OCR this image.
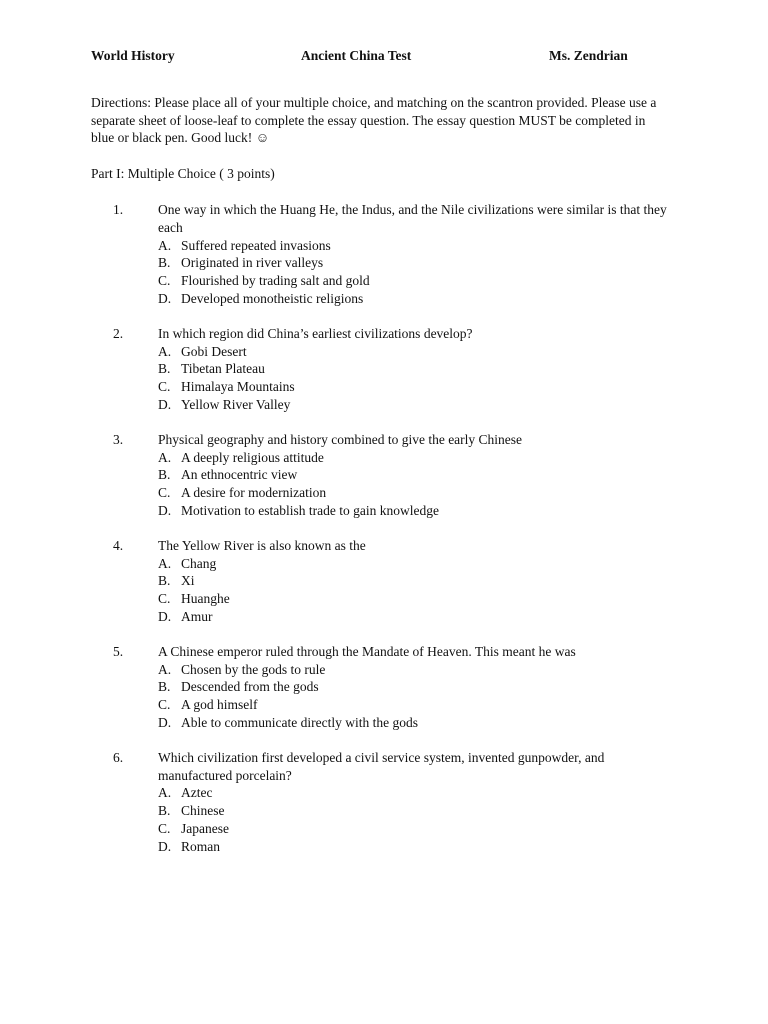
World History	Ancient China Test	Ms. Zendrian
Directions: Please place all of your multiple choice, and matching on the scantron provided. Please use a separate sheet of loose-leaf to complete the essay question. The essay question MUST be completed in blue or black pen. Good luck! ☺
Part I: Multiple Choice ( 3 points)
1.	One way in which the Huang He, the Indus, and the Nile civilizations were similar is that they each
A. Suffered repeated invasions
B. Originated in river valleys
C. Flourished by trading salt and gold
D. Developed monotheistic religions
2.	In which region did China’s earliest civilizations develop?
A. Gobi Desert
B. Tibetan Plateau
C. Himalaya Mountains
D. Yellow River Valley
3.	Physical geography and history combined to give the early Chinese
A. A deeply religious attitude
B. An ethnocentric view
C. A desire for modernization
D. Motivation to establish trade to gain knowledge
4.	The Yellow River is also known as the
A. Chang
B. Xi
C. Huanghe
D. Amur
5.	A Chinese emperor ruled through the Mandate of Heaven. This meant he was
A. Chosen by the gods to rule
B. Descended from the gods
C. A god himself
D. Able to communicate directly with the gods
6.	Which civilization first developed a civil service system, invented gunpowder, and manufactured porcelain?
A. Aztec
B. Chinese
C. Japanese
D. Roman
